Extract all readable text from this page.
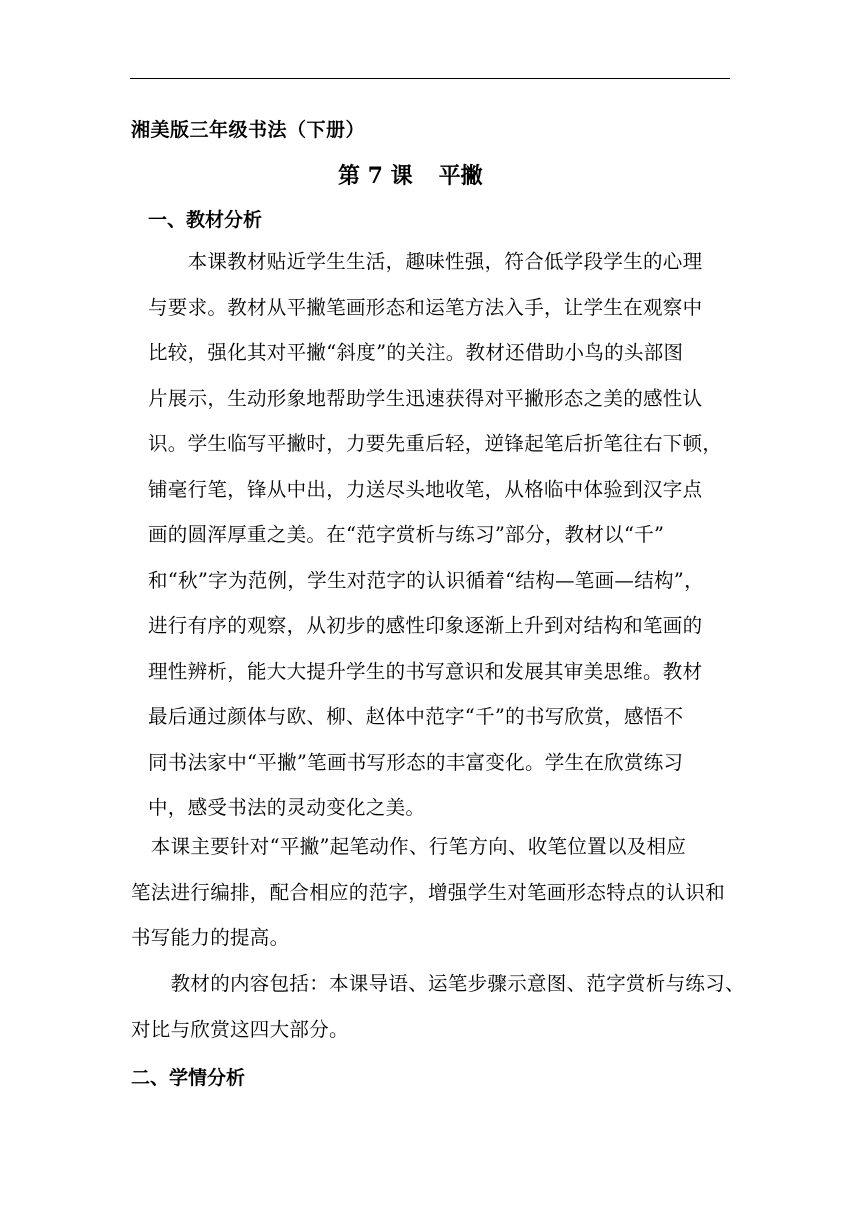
湘美版三年级书法（下册）
第 7 课 平撇
一、教材分析
　　本课教材贴近学生生活，趣味性强，符合低学段学生的心理
与要求。教材从平撇笔画形态和运笔方法入手，让学生在观察中
比较，强化其对平撇“斜度”的关注。教材还借助小鸟的头部图
片展示，生动形象地帮助学生迅速获得对平撇形态之美的感性认
识。学生临写平撇时，力要先重后轻，逆锋起笔后折笔往右下顿，
铺毫行笔，锋从中出，力送尽头地收笔，从格临中体验到汉字点
画的圆浑厚重之美。在“范字赏析与练习”部分，教材以“千”
和“秋”字为范例，学生对范字的认识循着“结构—笔画—结构”，
进行有序的观察，从初步的感性印象逐渐上升到对结构和笔画的
理性辨析，能大大提升学生的书写意识和发展其审美思维。教材
最后通过颜体与欧、柳、赵体中范字“千”的书写欣赏，感悟不
同书法家中“平撇”笔画书写形态的丰富变化。学生在欣赏练习
中，感受书法的灵动变化之美。
　本课主要针对“平撇”起笔动作、行笔方向、收笔位置以及相应
笔法进行编排，配合相应的范字，增强学生对笔画形态特点的认识和
书写能力的提高。
　　教材的内容包括：本课导语、运笔步骤示意图、范字赏析与练习、
对比与欣赏这四大部分。
二、学情分析
